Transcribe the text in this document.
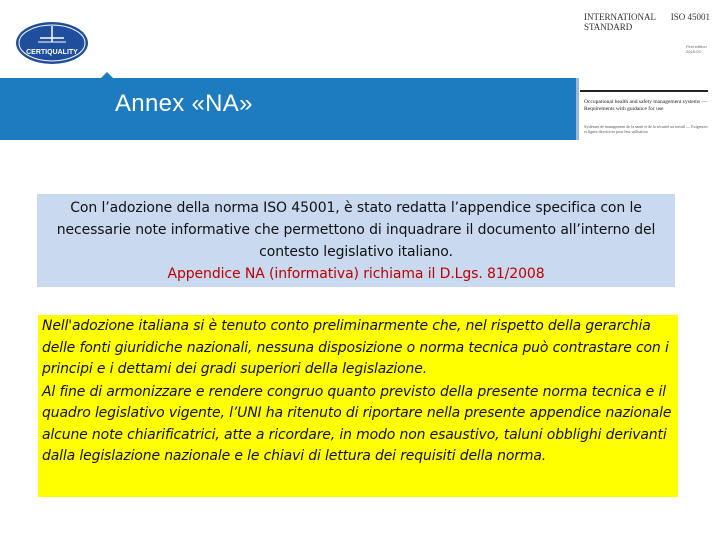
CERTIQUALITY
Annex «NA»
INTERNATIONAL STANDARD
ISO 45001
First edition 2018-03
Occupational health and safety management systems — Requirements with guidance for use
Systèmes de management de la santé et de la sécurité au travail — Exigences et lignes directrices pour leur utilisation

Con l’adozione della norma ISO 45001, è stato redatta l’appendice specifica con le necessarie note informative che permettono di inquadrare il documento all’interno del contesto legislativo italiano.
Appendice NA (informativa) richiama il D.Lgs. 81/2008

Nell'adozione italiana si è tenuto conto preliminarmente che, nel rispetto della gerarchia delle fonti giuridiche nazionali, nessuna disposizione o norma tecnica può contrastare con i principi e i dettami dei gradi superiori della legislazione.

Al fine di armonizzare e rendere congruo quanto previsto della presente norma tecnica e il quadro legislativo vigente, l’UNI ha ritenuto di riportare nella presente appendice nazionale alcune note chiarificatrici, atte a ricordare, in modo non esaustivo, taluni obblighi derivanti dalla legislazione nazionale e le chiavi di lettura dei requisiti della norma.
